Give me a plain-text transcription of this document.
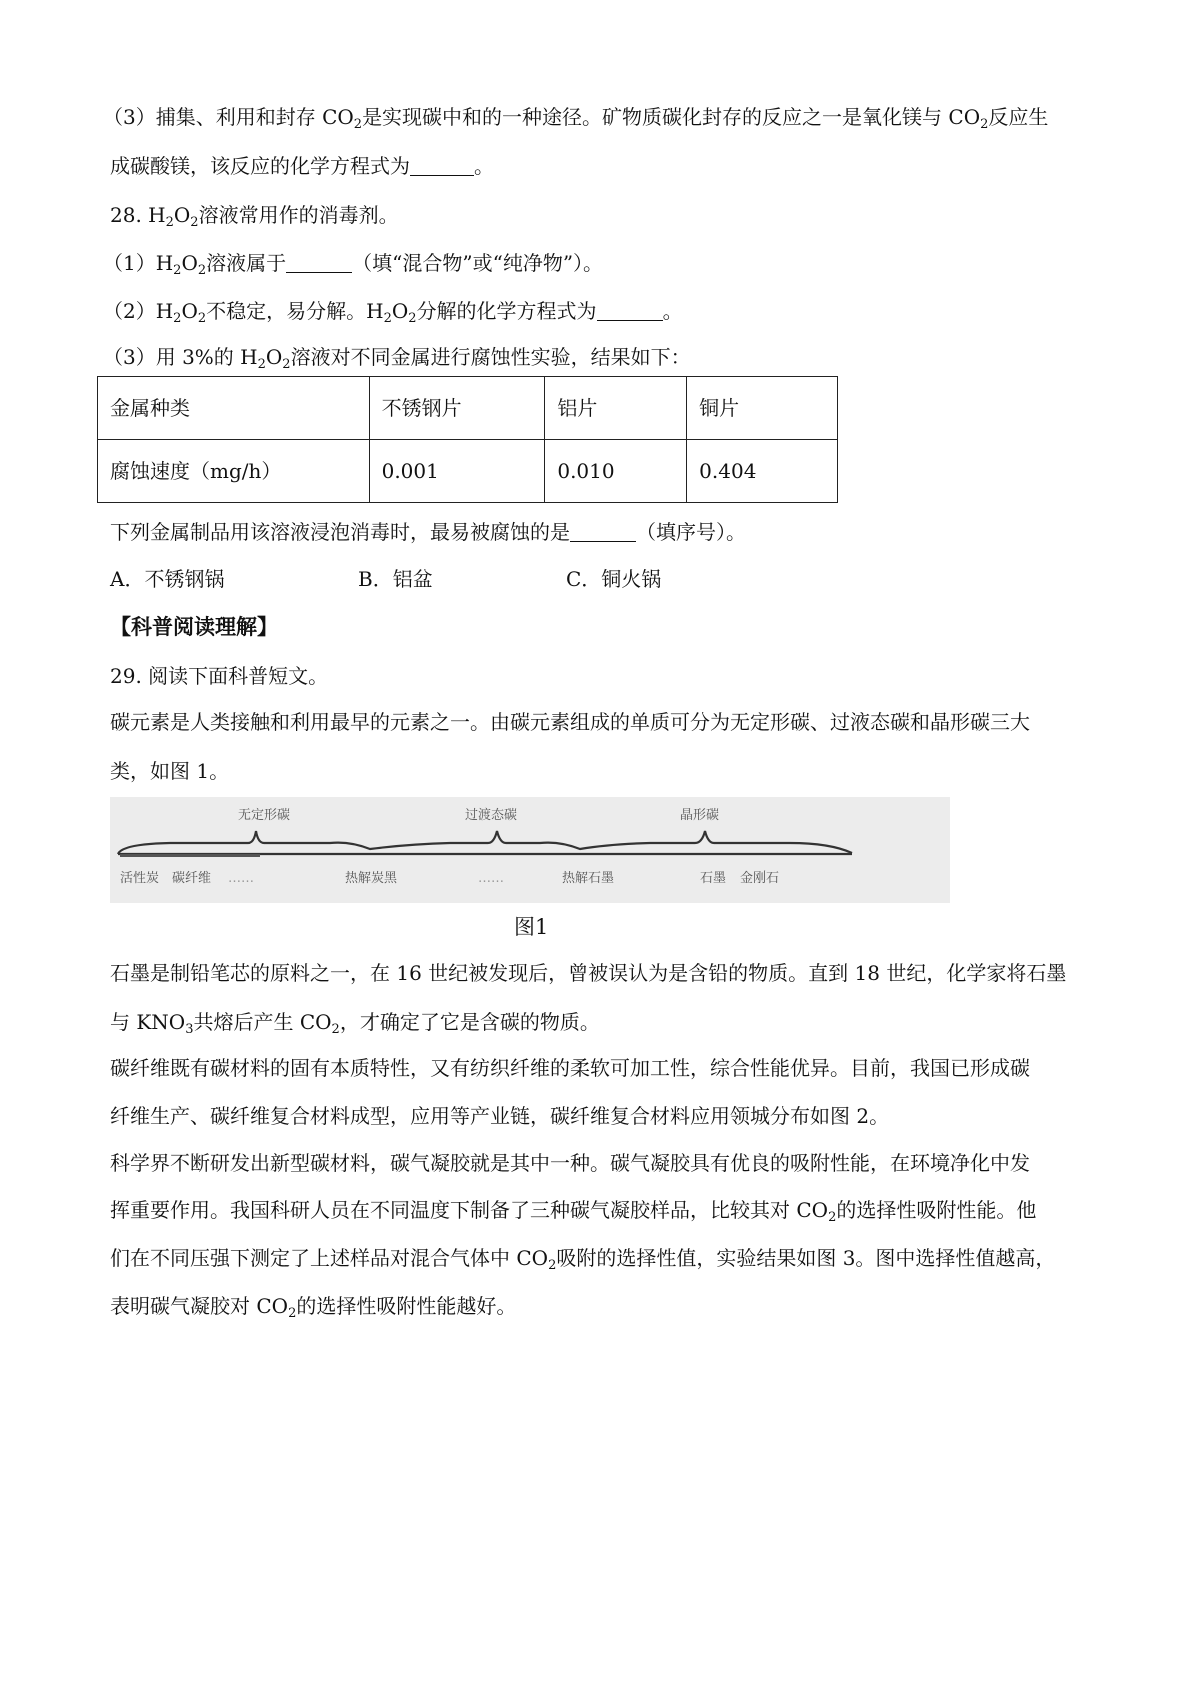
（3）捕集、利用和封存 $CO_2$是实现碳中和的一种途径。矿物质碳化封存的反应之一是氧化镁与 $CO_2$反应生
成碳酸镁，该反应的化学方程式为	。
28. $H_2O_2$溶液常用作的消毒剂。
$(1)H_2O_2$溶液属于	（填“混合物”或“纯净物”）。
$(2)H_2O_2$不稳定，易分解。$H_2O_2$分解的化学方程式为	。
（3）用 3%的 $H_2O_2$溶液对不同金属进行腐蚀性实验，结果如下：
金属种类	不锈钢片	铝片	铜片
腐蚀速度（mg/h）	0.001	0.010	0.404
下列金属制品用该溶液浸泡消毒时，最易被腐蚀的是	（填序号）。
A．不锈钢锅	B．铝盆	C．铜火锅
【科普阅读理解】
29. 阅读下面科普短文。
碳元素是人类接触和利用最早的元素之一。由碳元素组成的单质可分为无定形碳、过液态碳和晶形碳三大
类，如图 1。
无定形碳	过渡态碳	晶形碳
活性炭 碳纤维 ……	热解炭黑	……	热解石墨	石墨 金刚石
图1
石墨是制铅笔芯的原料之一，在 16 世纪被发现后，曾被误认为是含铅的物质。直到 18 世纪，化学家将石墨
与 $KNO_3$共熔后产生 $CO_2$，才确定了它是含碳的物质。
碳纤维既有碳材料的固有本质特性，又有纺织纤维的柔软可加工性，综合性能优异。目前，我国已形成碳
纤维生产、碳纤维复合材料成型，应用等产业链，碳纤维复合材料应用领城分布如图 2。
科学界不断研发出新型碳材料，碳气凝胶就是其中一种。碳气凝胶具有优良的吸附性能，在环境净化中发
挥重要作用。我国科研人员在不同温度下制备了三种碳气凝胶样品，比较其对 $CO_2$的选择性吸附性能。他
们在不同压强下测定了上述样品对混合气体中 $CO_2$吸附的选择性值，实验结果如图 3。图中选择性值越高，
表明碳气凝胶对 $CO_2$的选择性吸附性能越好。
